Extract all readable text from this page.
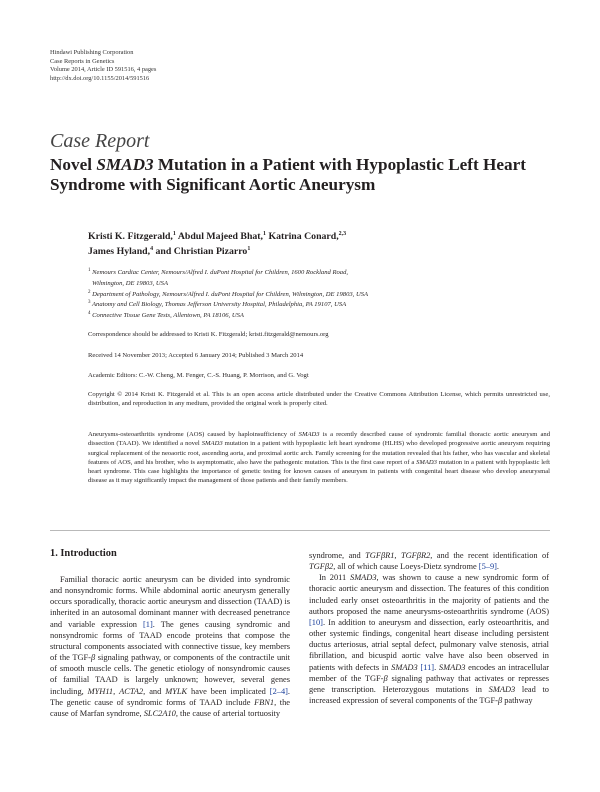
Hindawi Publishing Corporation
Case Reports in Genetics
Volume 2014, Article ID 591516, 4 pages
http://dx.doi.org/10.1155/2014/591516
Case Report
Novel SMAD3 Mutation in a Patient with Hypoplastic Left Heart Syndrome with Significant Aortic Aneurysm
Kristi K. Fitzgerald,$^1$ Abdul Majeed Bhat,$^1$ Katrina Conard,$^{2,3}$
James Hyland,$^4$ and Christian Pizarro$^1$
$^1$ Nemours Cardiac Center, Nemours/Alfred I. duPont Hospital for Children, 1600 Rockland Road,
Wilmington, DE 19803, USA
$^2$ Department of Pathology, Nemours/Alfred I. duPont Hospital for Children, Wilmington, DE 19803, USA
$^3$ Anatomy and Cell Biology, Thomas Jefferson University Hospital, Philadelphia, PA 19107, USA
$^4$ Connective Tissue Gene Tests, Allentown, PA 18106, USA
Correspondence should be addressed to Kristi K. Fitzgerald; kristi.fitzgerald@nemours.org
Received 14 November 2013; Accepted 6 January 2014; Published 3 March 2014
Academic Editors: C.-W. Cheng, M. Fenger, C.-S. Huang, P. Morrison, and G. Vogt
Copyright © 2014 Kristi K. Fitzgerald et al. This is an open access article distributed under the Creative Commons Attribution License, which permits unrestricted use, distribution, and reproduction in any medium, provided the original work is properly cited.
Aneurysms-osteoarthritis syndrome (AOS) caused by haploinsufficiency of SMAD3 is a recently described cause of syndromic familial thoracic aortic aneurysm and dissection (TAAD). We identified a novel SMAD3 mutation in a patient with hypoplastic left heart syndrome (HLHS) who developed progressive aortic aneurysm requiring surgical replacement of the neoaortic root, ascending aorta, and proximal aortic arch. Family screening for the mutation revealed that his father, who has vascular and skeletal features of AOS, and his brother, who is asymptomatic, also have the pathogenic mutation. This is the first case report of a SMAD3 mutation in a patient with hypoplastic left heart syndrome. This case highlights the importance of genetic testing for known causes of aneurysm in patients with congenital heart disease who develop aneurysmal disease as it may significantly impact the management of those patients and their family members.
1. Introduction

Familial thoracic aortic aneurysm can be divided into syndromic and nonsyndromic forms. While abdominal aortic aneurysm generally occurs sporadically, thoracic aortic aneurysm and dissection (TAAD) is inherited in an autosomal dominant manner with decreased penetrance and variable expression [1]. The genes causing syndromic and nonsyndromic forms of TAAD encode proteins that compose the structural components associated with connective tissue, key members of the TGF-β signaling pathway, or components of the contractile unit of smooth muscle cells. The genetic etiology of nonsyndromic causes of familial TAAD is largely unknown; however, several genes including, MYH11, ACTA2, and MYLK have been implicated [2–4]. The genetic cause of syndromic forms of TAAD include FBN1, the cause of Marfan syndrome, SLC2A10, the cause of arterial tortuosity

syndrome, and TGFβR1, TGFβR2, and the recent identification of TGFβ2, all of which cause Loeys-Dietz syndrome [5–9].

In 2011 SMAD3, was shown to cause a new syndromic form of thoracic aortic aneurysm and dissection. The features of this condition included early onset osteoarthritis in the majority of patients and the authors proposed the name aneurysms-osteoarthritis syndrome (AOS) [10]. In addition to aneurysm and dissection, early osteoarthritis, and other systemic findings, congenital heart disease including persistent ductus arteriosus, atrial septal defect, pulmonary valve stenosis, atrial fibrillation, and bicuspid aortic valve have also been observed in patients with defects in SMAD3 [11]. SMAD3 encodes an intracellular member of the TGF-β signaling pathway that activates or represses gene transcription. Heterozygous mutations in SMAD3 lead to increased expression of several components of the TGF-β pathway
